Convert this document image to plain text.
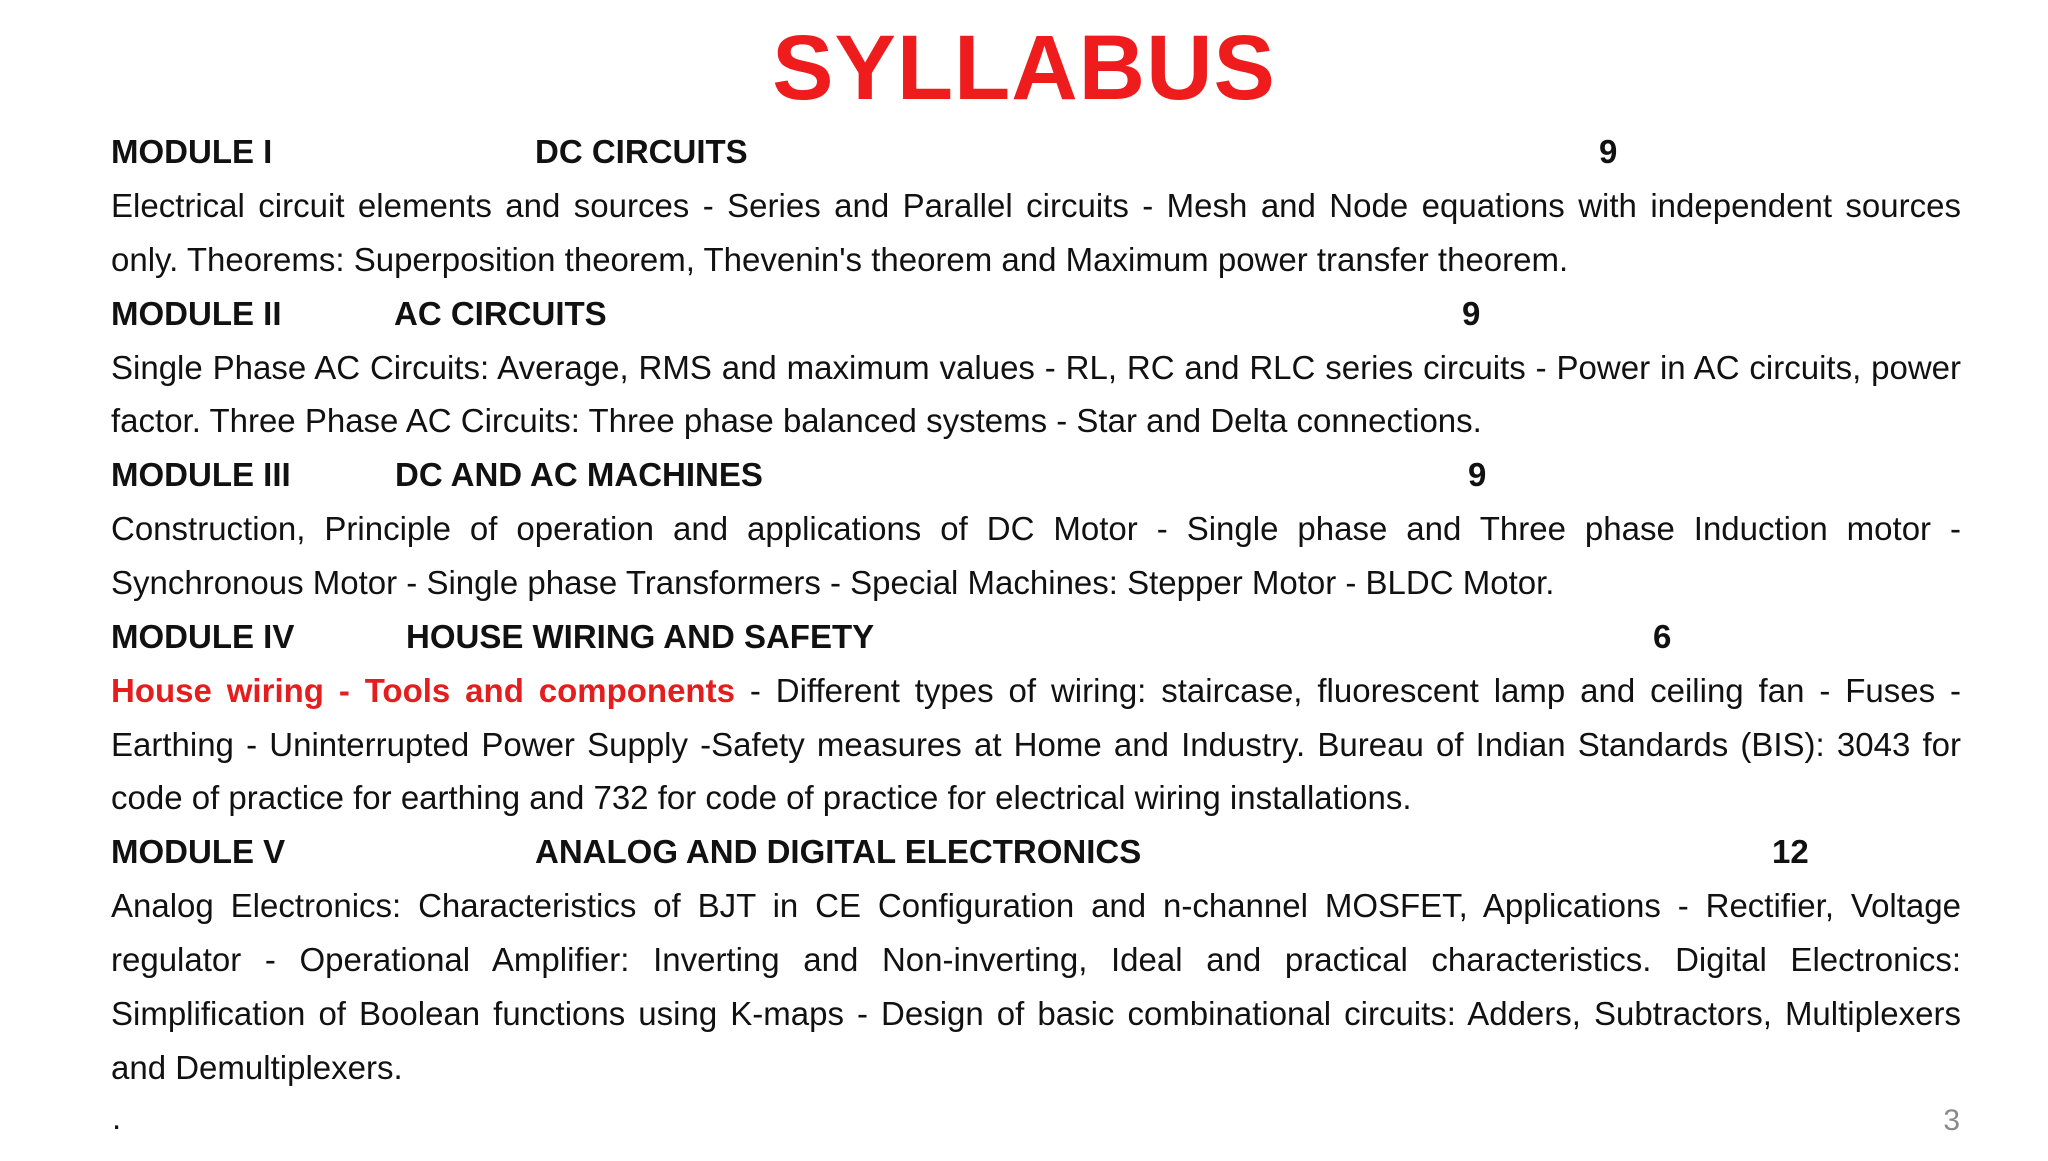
SYLLABUS
MODULE I	DC CIRCUITS	9
Electrical circuit elements and sources - Series and Parallel circuits - Mesh and Node equations with independent sources only. Theorems: Superposition theorem, Thevenin's theorem and Maximum power transfer theorem.
MODULE II	AC CIRCUITS	9
Single Phase AC Circuits: Average, RMS and maximum values - RL, RC and RLC series circuits - Power in AC circuits, power factor. Three Phase AC Circuits: Three phase balanced systems - Star and Delta connections.
MODULE III	DC AND AC MACHINES	9
Construction, Principle of operation and applications of DC Motor - Single phase and Three phase Induction motor - Synchronous Motor - Single phase Transformers - Special Machines: Stepper Motor - BLDC Motor.
MODULE IV	HOUSE WIRING AND SAFETY	6
House wiring - Tools and components - Different types of wiring: staircase, fluorescent lamp and ceiling fan - Fuses - Earthing - Uninterrupted Power Supply -Safety measures at Home and Industry. Bureau of Indian Standards (BIS): 3043 for code of practice for earthing and 732 for code of practice for electrical wiring installations.
MODULE V	ANALOG AND DIGITAL ELECTRONICS	12
Analog Electronics: Characteristics of BJT in CE Configuration and n-channel MOSFET, Applications - Rectifier, Voltage regulator - Operational Amplifier: Inverting and Non-inverting, Ideal and practical characteristics. Digital Electronics: Simplification of Boolean functions using K-maps - Design of basic combinational circuits: Adders, Subtractors, Multiplexers and Demultiplexers.
.	3
